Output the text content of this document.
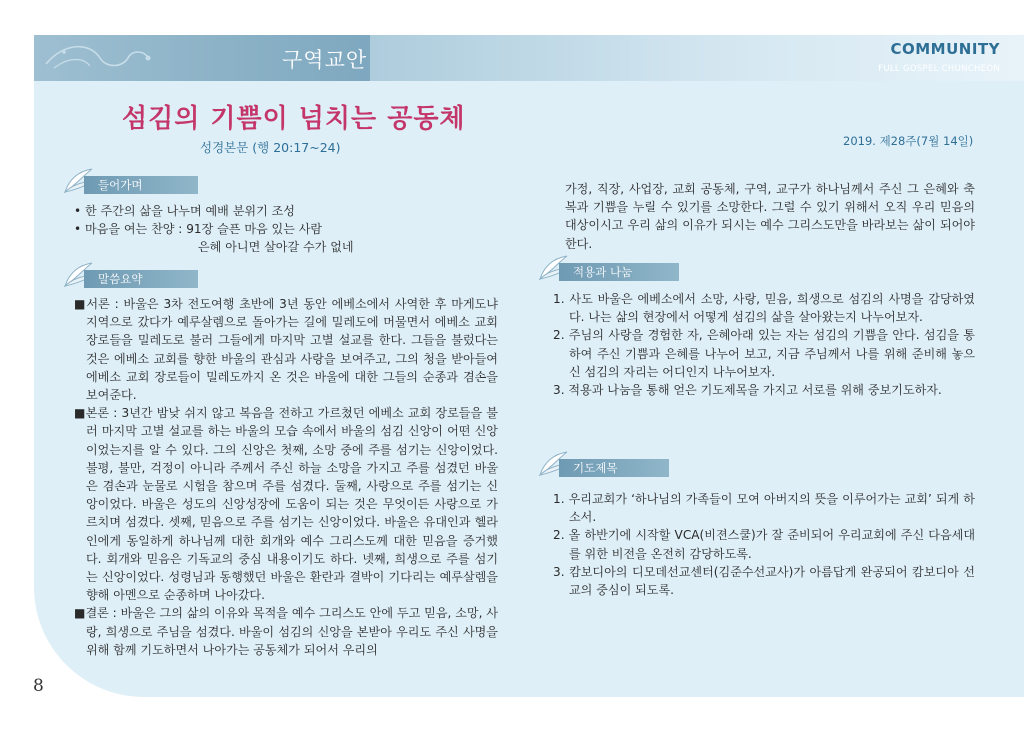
구역교안	COMMUNITY
FULL GOSPEL CHUNCHEON
섬김의 기쁨이 넘치는 공동체
성경본문 (행 20:17~24)	2019. 제28주(7월 14일)
들어가며

• 한 주간의 삶을 나누며 예배 분위기 조성

• 마음을 여는 찬양 : 91장 슬픈 마음 있는 사람

은혜 아니면 살아갈 수가 없네

말씀요약

■서론 : 바울은 3차 전도여행 초반에 3년 동안 에베소에서 사역한 후 마게도냐 지역으로 갔다가 예루살렘으로 돌아가는 길에 밀레도에 머물면서 에베소 교회 장로들을 밀레도로 불러 그들에게 마지막 고별 설교를 한다. 그들을 불렀다는 것은 에베소 교회를 향한 바울의 관심과 사랑을 보여주고, 그의 청을 받아들여 에베소 교회 장로들이 밀레도까지 온 것은 바울에 대한 그들의 순종과 겸손을 보여준다.

■본론 : 3년간 밤낮 쉬지 않고 복음을 전하고 가르쳤던 에베소 교회 장로들을 불러 마지막 고별 설교를 하는 바울의 모습 속에서 바울의 섬김 신앙이 어떤 신앙이었는지를 알 수 있다. 그의 신앙은 첫째, 소망 중에 주를 섬기는 신앙이었다. 불평, 불만, 걱정이 아니라 주께서 주신 하늘 소망을 가지고 주를 섬겼던 바울은 겸손과 눈물로 시험을 참으며 주를 섬겼다. 둘째, 사랑으로 주를 섬기는 신앙이었다. 바울은 성도의 신앙성장에 도움이 되는 것은 무엇이든 사랑으로 가르치며 섬겼다. 셋째, 믿음으로 주를 섬기는 신앙이었다. 바울은 유대인과 헬라인에게 동일하게 하나님께 대한 회개와 예수 그리스도께 대한 믿음을 증거했다. 회개와 믿음은 기독교의 중심 내용이기도 하다. 넷째, 희생으로 주를 섬기는 신앙이었다. 성령님과 동행했던 바울은 환란과 결박이 기다리는 예루살렘을 향해 아멘으로 순종하며 나아갔다.

■결론 : 바울은 그의 삶의 이유와 목적을 예수 그리스도 안에 두고 믿음, 소망, 사랑, 희생으로 주님을 섬겼다. 바울이 섬김의 신앙을 본받아 우리도 주신 사명을 위해 함께 기도하면서 나아가는 공동체가 되어서 우리의

가정, 직장, 사업장, 교회 공동체, 구역, 교구가 하나님께서 주신 그 은혜와 축복과 기쁨을 누릴 수 있기를 소망한다. 그럴 수 있기 위해서 오직 우리 믿음의 대상이시고 우리 삶의 이유가 되시는 예수 그리스도만을 바라보는 삶이 되어야 한다.

적용과 나눔

1. 사도 바울은 에베소에서 소망, 사랑, 믿음, 희생으로 섬김의 사명을 감당하였다. 나는 삶의 현장에서 어떻게 섬김의 삶을 살아왔는지 나누어보자.

2. 주님의 사랑을 경험한 자, 은혜아래 있는 자는 섬김의 기쁨을 안다. 섬김을 통하여 주신 기쁨과 은혜를 나누어 보고, 지금 주님께서 나를 위해 준비해 놓으신 섬김의 자리는 어디인지 나누어보자.

3. 적용과 나눔을 통해 얻은 기도제목을 가지고 서로를 위해 중보기도하자.

기도제목

1. 우리교회가 ‘하나님의 가족들이 모여 아버지의 뜻을 이루어가는 교회’ 되게 하소서.

2. 올 하반기에 시작할 VCA(비젼스쿨)가 잘 준비되어 우리교회에 주신 다음세대를 위한 비전을 온전히 감당하도록.

3. 캄보디아의 디모데선교센터(김준수선교사)가 아름답게 완공되어 캄보디아 선교의 중심이 되도록.

8
